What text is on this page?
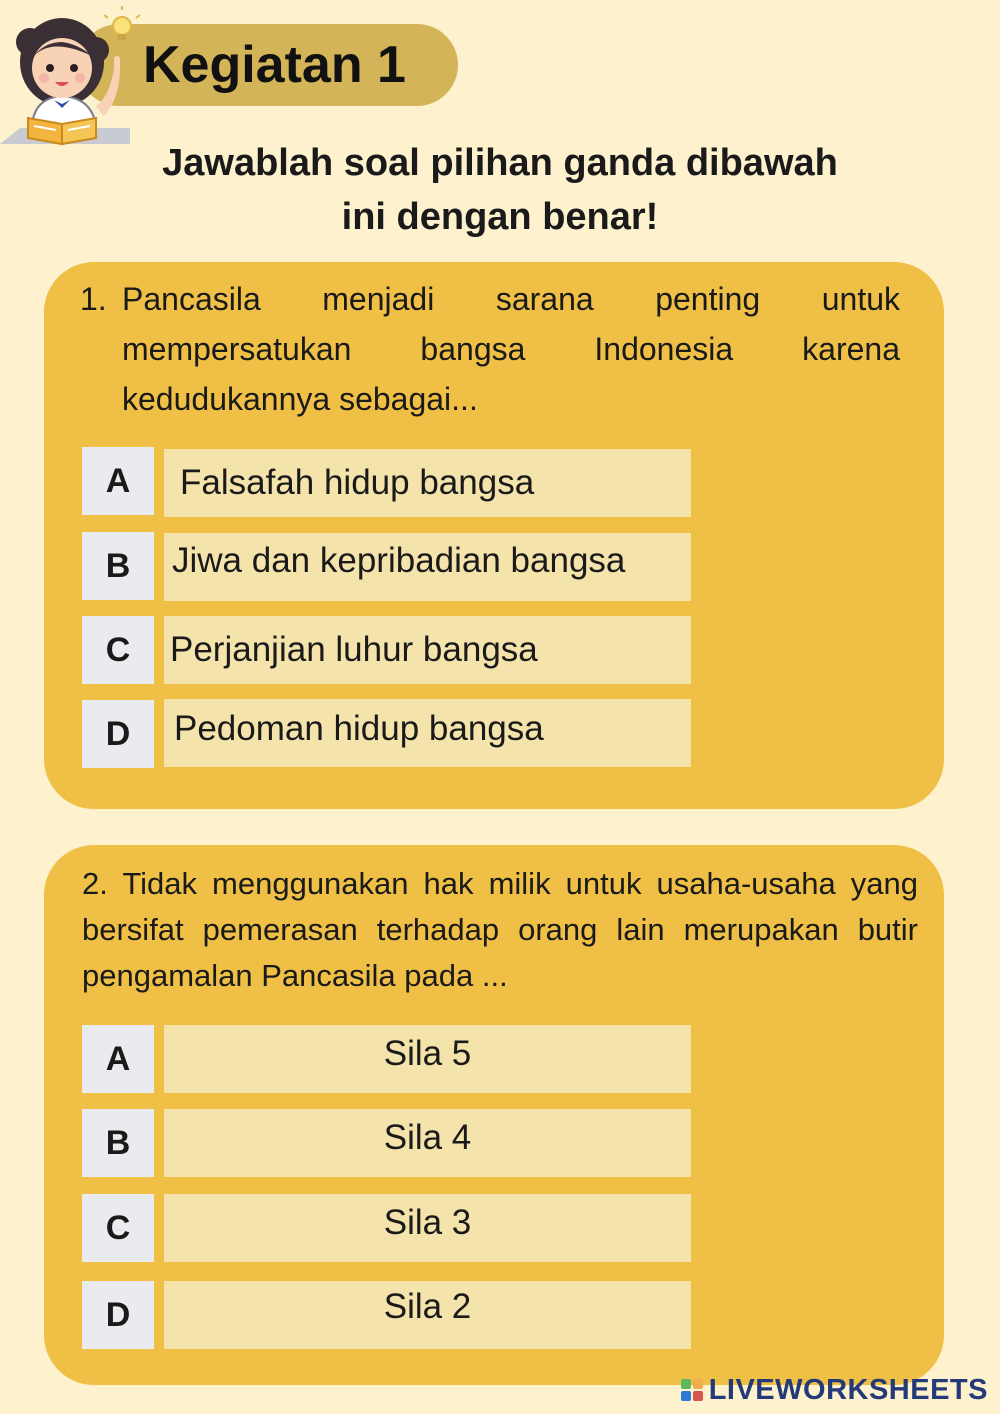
Kegiatan 1
Jawablah soal pilihan ganda dibawah
ini dengan benar!
1. Pancasila menjadi sarana penting untuk mempersatukan bangsa Indonesia karena kedudukannya sebagai...
A	Falsafah hidup bangsa
B	Jiwa dan kepribadian bangsa
C	Perjanjian luhur bangsa
D	Pedoman hidup bangsa
2. Tidak menggunakan hak milik untuk usaha-usaha yang bersifat pemerasan terhadap orang lain merupakan butir pengamalan Pancasila pada ...
A	Sila 5
B	Sila 4
C	Sila 3
D	Sila 2
LIVEWORKSHEETS
